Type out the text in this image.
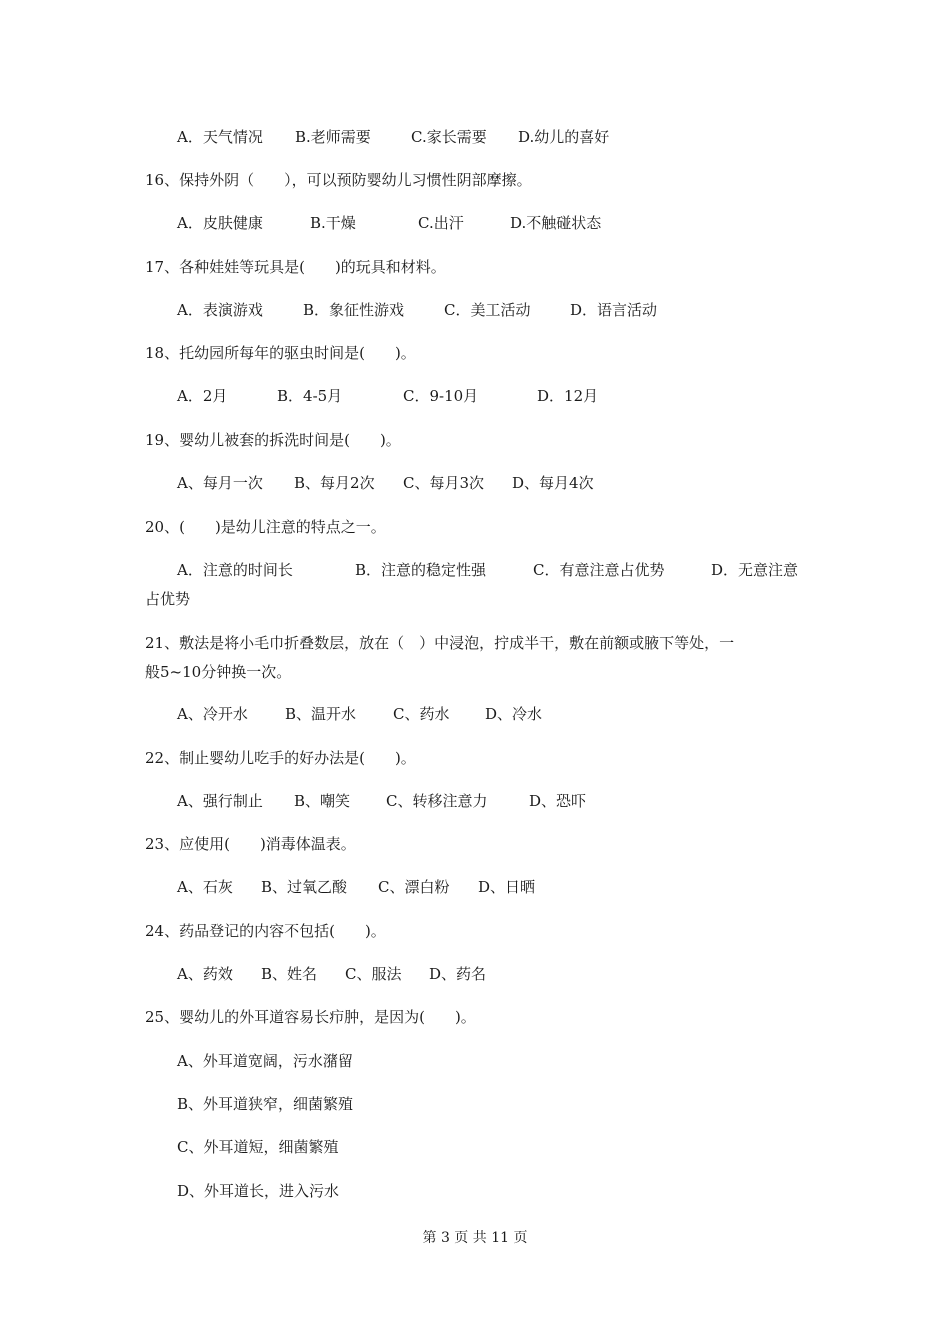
A．天气情况 B.老师需要	C.家长需要 D.幼儿的喜好
16、保持外阴（　　），可以预防婴幼儿习惯性阴部摩擦。
A．皮肤健康	B.干燥	C.出汗	D.不触碰状态
17、各种娃娃等玩具是(　　)的玩具和材料。
A．表演游戏	B．象征性游戏	C．美工活动	D．语言活动
18、托幼园所每年的驱虫时间是(　　)。
A．2月	B．4-5月	C．9-10月	D．12月
19、婴幼儿被套的拆洗时间是(　　)。
A、每月一次 B、每月2次 C、每月3次 D、每月4次
20、(　　)是幼儿注意的特点之一。
A．注意的时间长	B．注意的稳定性强	C．有意注意占优势	D．无意注意
占优势
21、敷法是将小毛巾折叠数层，放在（　）中浸泡，拧成半干，敷在前额或腋下等处，一
般5~10分钟换一次。
A、冷开水 B、温开水 C、药水 D、冷水
22、制止婴幼儿吃手的好办法是(　　)。
A、强行制止 B、嘲笑 C、转移注意力	D、恐吓
23、应使用(　　)消毒体温表。
A、石灰 B、过氧乙酸 C、漂白粉 D、日晒
24、药品登记的内容不包括(　　)。
A、药效 B、姓名 C、服法 D、药名
25、婴幼儿的外耳道容易长疖肿，是因为(　　)。
A、外耳道宽阔，污水潴留
B、外耳道狭窄，细菌繁殖
C、外耳道短，细菌繁殖
D、外耳道长，进入污水
第 3 页 共 11 页
